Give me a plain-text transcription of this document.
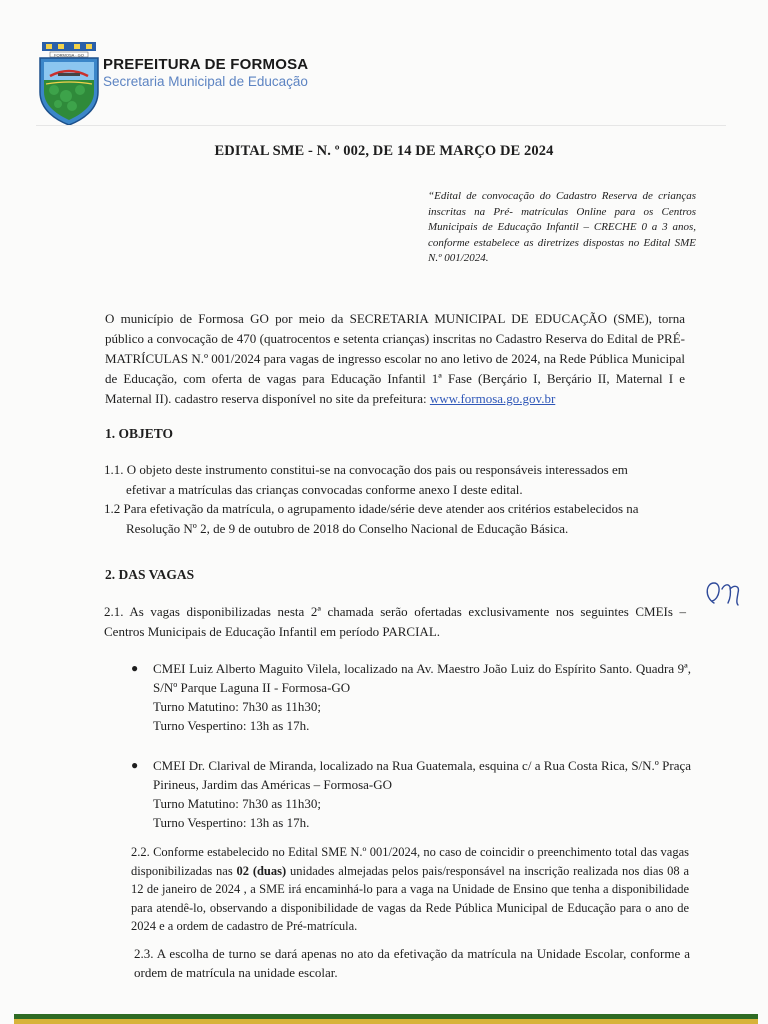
FORMOSA · GO
PREFEITURA DE FORMOSA
Secretaria Municipal de Educação
EDITAL SME - N. º 002, DE 14 DE MARÇO DE 2024
“Edital de convocação do Cadastro Reserva de crianças inscritas na Pré- matrículas Online para os Centros Municipais de Educação Infantil – CRECHE 0 a 3 anos, conforme estabelece as diretrizes dispostas no Edital SME N.º 001/2024.
O município de Formosa GO por meio da SECRETARIA MUNICIPAL DE EDUCAÇÃO (SME), torna público a convocação de 470 (quatrocentos e setenta crianças) inscritas no Cadastro Reserva do Edital de PRÉ-MATRÍCULAS N.º 001/2024 para vagas de ingresso escolar no ano letivo de 2024, na Rede Pública Municipal de Educação, com oferta de vagas para Educação Infantil 1ª Fase (Berçário I, Berçário II, Maternal I e Maternal II). cadastro reserva disponível no site da prefeitura: www.formosa.go.gov.br
1. OBJETO
1.1. O objeto deste instrumento constitui-se na convocação dos pais ou responsáveis interessados em
efetivar a matrículas das crianças convocadas conforme anexo I deste edital.
1.2 Para efetivação da matrícula, o agrupamento idade/série deve atender aos critérios estabelecidos na
Resolução Nº 2, de 9 de outubro de 2018 do Conselho Nacional de Educação Básica.
2. DAS VAGAS
2.1. As vagas disponibilizadas nesta 2ª chamada serão ofertadas exclusivamente nos seguintes CMEIs – Centros Municipais de Educação Infantil em período PARCIAL.
● CMEI Luiz Alberto Maguito Vilela, localizado na Av. Maestro João Luiz do Espírito Santo. Quadra 9ª, S/Nº Parque Laguna II - Formosa-GO
Turno Matutino: 7h30 as 11h30;
Turno Vespertino: 13h as 17h.
● CMEI Dr. Clarival de Miranda, localizado na Rua Guatemala, esquina c/ a Rua Costa Rica, S/N.º Praça Pirineus, Jardim das Américas – Formosa-GO
Turno Matutino: 7h30 as 11h30;
Turno Vespertino: 13h as 17h.
2.2. Conforme estabelecido no Edital SME N.º 001/2024, no caso de coincidir o preenchimento total das vagas disponibilizadas nas 02 (duas) unidades almejadas pelos pais/responsável na inscrição realizada nos dias 08 a 12 de janeiro de 2024 , a SME irá encaminhá-lo para a vaga na Unidade de Ensino que tenha a disponibilidade para atendê-lo, observando a disponibilidade de vagas da Rede Pública Municipal de Educação para o ano de 2024 e a ordem de cadastro de Pré-matrícula.
2.3. A escolha de turno se dará apenas no ato da efetivação da matrícula na Unidade Escolar, conforme a ordem de matrícula na unidade escolar.
